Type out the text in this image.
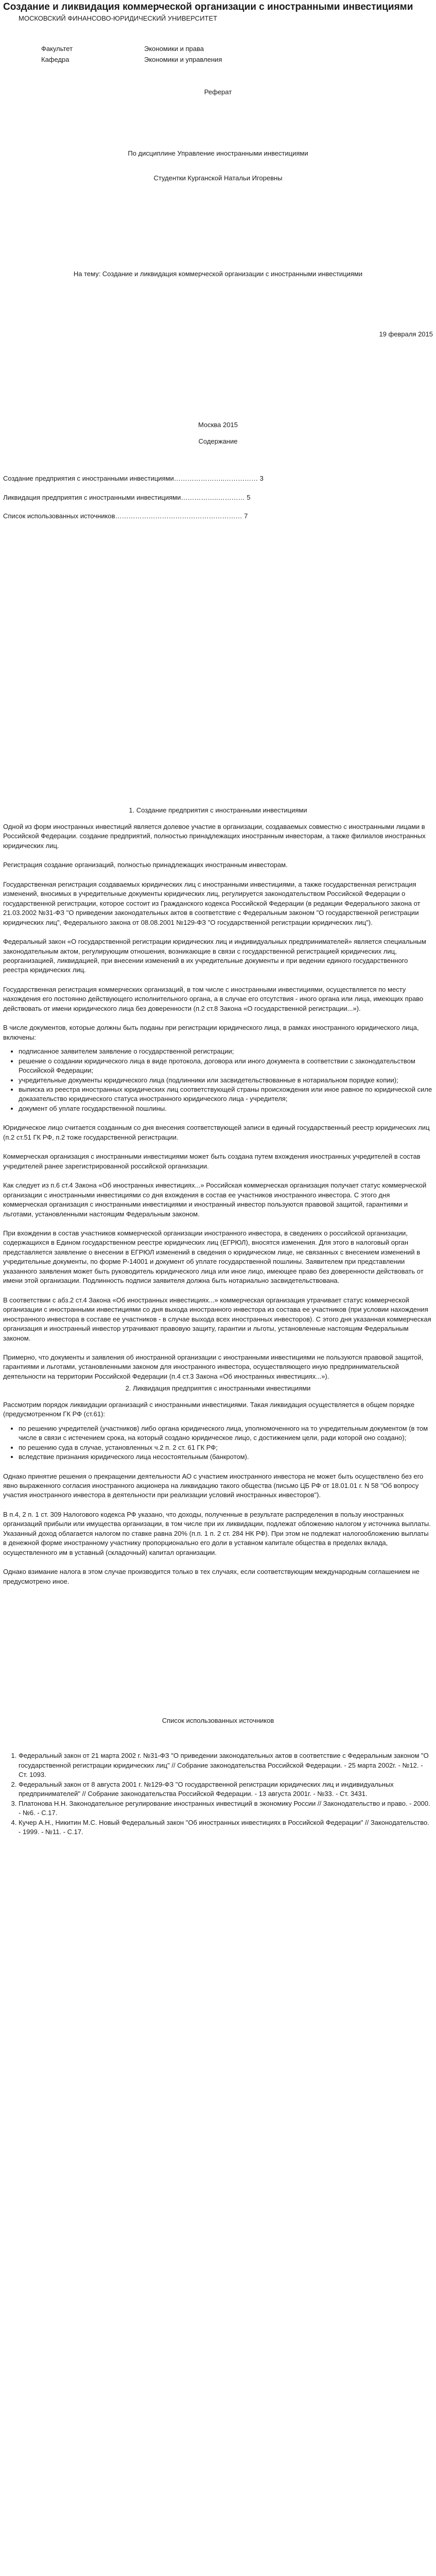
Создание и ликвидация коммерческой организации с иностранными инвестициями

МОСКОВСКИЙ ФИНАНСОВО-ЮРИДИЧЕСКИЙ УНИВЕРСИТЕТ

Факультет	Экономики и права
Кафедра	Экономики и управления

Реферат

По дисциплине Управление иностранными инвестициями

Студентки Курганской Натальи Игоревны

На тему: Создание и ликвидация коммерческой организации с иностранными инвестициями

19 февраля 2015

Москва 2015

Содержание

Создание предприятия с иностранными инвестициями…………………..…………… 3

Ликвидация предприятия с иностранными инвестициями……………..………… 5

Список использованных источников………………………………………………… 7

1. Создание предприятия с иностранными инвестициями

Одной из форм иностранных инвестиций является долевое участие в организации, создаваемых совместно с иностранными лицами в Российской Федерации. создание предприятий, полностью принадлежащих иностранным инвесторам, а также филиалов иностранных юридических лиц.

Регистрация создание организаций, полностью принадлежащих иностранным инвесторам.

Государственная регистрация создаваемых юридических лиц с иностранными инвестициями, а также государственная регистрация изменений, вносимых в учредительные документы юридических лиц, регулируется законодательством Российской Федерации о государственной регистрации, которое состоит из Гражданского кодекса Российской Федерации (в редакции Федерального закона от 21.03.2002 №31-ФЗ "О приведении законодательных актов в соответствие с Федеральным законом "О государственной регистрации юридических лиц", Федерального закона от 08.08.2001 №129-ФЗ "О государственной регистрации юридических лиц").

Федеральный закон «О государственной регистрации юридических лиц и индивидуальных предпринимателей» является специальным законодательным актом, регулирующим отношения, возникающие в связи с государственной регистрацией юридических лиц, реорганизацией, ликвидацией, при внесении изменений в их учредительные документы и при ведении единого государственного реестра юридических лиц.

Государственная регистрация коммерческих организаций, в том числе с иностранными инвестициями, осуществляется по месту нахождения его постоянно действующего исполнительного органа, а в случае его отсутствия - иного органа или лица, имеющих право действовать от имени юридического лица без доверенности (п.2 ст.8 Закона «О государственной регистрации...»).

В числе документов, которые должны быть поданы при регистрации юридического лица, в рамках иностранного юридического лица, включены:

• подписанное заявителем заявление о государственной регистрации;
• решение о создании юридического лица в виде протокола, договора или иного документа в соответствии с законодательством Российской Федерации;
• учредительные документы юридического лица (подлинники или засвидетельствованные в нотариальном порядке копии);
• выписка из реестра иностранных юридических лиц соответствующей страны происхождения или иное равное по юридической силе доказательство юридического статуса иностранного юридического лица - учредителя;
• документ об уплате государственной пошлины.

Юридическое лицо считается созданным со дня внесения соответствующей записи в единый государственный реестр юридических лиц (п.2 ст.51 ГК РФ, п.2 тоже государственной регистрации.

Коммерческая организация с иностранными инвестициями может быть создана путем вхождения иностранных учредителей в состав учредителей ранее зарегистрированной российской организации.

Как следует из п.6 ст.4 Закона «Об иностранных инвестициях...» Российская коммерческая организация получает статус коммерческой организации с иностранными инвестициями со дня вхождения в состав ее участников иностранного инвестора. С этого дня коммерческая организация с иностранными инвестициями и иностранный инвестор пользуются правовой защитой, гарантиями и льготами, установленными настоящим Федеральным законом.

При вхождении в состав участников коммерческой организации иностранного инвестора, в сведениях о российской организации, содержащихся в Едином государственном реестре юридических лиц (ЕГРЮЛ), вносятся изменения. Для этого в налоговый орган представляется заявление о внесении в ЕГРЮЛ изменений в сведения о юридическом лице, не связанных с внесением изменений в учредительные документы, по форме Р-14001 и документ об уплате государственной пошлины. Заявителем при представлении указанного заявления может быть руководитель юридического лица или иное лицо, имеющее право без доверенности действовать от имени этой организации. Подлинность подписи заявителя должна быть нотариально засвидетельствована.

В соответствии с абз.2 ст.4 Закона «Об иностранных инвестициях...» коммерческая организация утрачивает статус коммерческой организации с иностранными инвестициями со дня выхода иностранного инвестора из состава ее участников (при условии нахождения иностранного инвестора в составе ее участников - в случае выхода всех иностранных инвесторов). С этого дня указанная коммерческая организация и иностранный инвестор утрачивают правовую защиту, гарантии и льготы, установленные настоящим Федеральным законом.

Примерно, что документы и заявления об иностранной организации с иностранными инвестициями не пользуются правовой защитой, гарантиями и льготами, установленными законом для иностранного инвестора, осуществляющего иную предпринимательской деятельности на территории Российской Федерации (п.4 ст.3 Закона «Об иностранных инвестициях...»).

2. Ликвидация предприятия с иностранными инвестициями

Рассмотрим порядок ликвидации организаций с иностранными инвестициями. Такая ликвидация осуществляется в общем порядке (предусмотренном ГК РФ (ст.61):

• по решению учредителей (участников) либо органа юридического лица, уполномоченного на то учредительным документом (в том числе в связи с истечением срока, на который создано юридическое лицо, с достижением цели, ради которой оно создано);
• по решению суда в случае, установленных ч.2 п. 2 ст. 61 ГК РФ;
• вследствие признания юридического лица несостоятельным (банкротом).

Однако принятие решения о прекращении деятельности АО с участием иностранного инвестора не может быть осуществлено без его явно выраженного согласия иностранного акционера на ликвидацию такого общества (письмо ЦБ РФ от 18.01.01 г. N 58 "Об вопросу участия иностранного инвестора в деятельности при реализации условий иностранных инвесторов").

В п.4, 2 п. 1 ст. 309 Налогового кодекса РФ указано, что доходы, полученные в результате распределения в пользу иностранных организаций прибыли или имущества организации, в том числе при их ликвидации, подлежат обложению налогом у источника выплаты. Указанный доход облагается налогом по ставке равна 20% (п.п. 1 п. 2 ст. 284 НК РФ). При этом не подлежат налогообложению выплаты в денежной форме иностранному участнику пропорционально его доли в уставном капитале общества в пределах вклада, осуществленного им в уставный (складочный) капитал организации.

Однако взимание налога в этом случае производится только в тех случаях, если соответствующим международным соглашением не предусмотрено иное.

Список использованных источников

1. Федеральный закон от 21 марта 2002 г. №31-ФЗ "О приведении законодательных актов в соответствие с Федеральным законом "О государственной регистрации юридических лиц" // Собрание законодательства Российской Федерации. - 25 марта 2002г. - №12. - Ст. 1093.
2. Федеральный закон от 8 августа 2001 г. №129-ФЗ "О государственной регистрации юридических лиц и индивидуальных предпринимателей" // Собрание законодательства Российской Федерации. - 13 августа 2001г. - №33. - Ст. 3431.
3. Платонова Н.Н. Законодательное регулирование иностранных инвестиций в экономику России // Законодательство и право. - 2000. - №6. - С.17.
4. Кучер А.Н., Никитин М.С. Новый Федеральный закон "Об иностранных инвестициях в Российской Федерации" // Законодательство. - 1999. - №11. - С.17.
